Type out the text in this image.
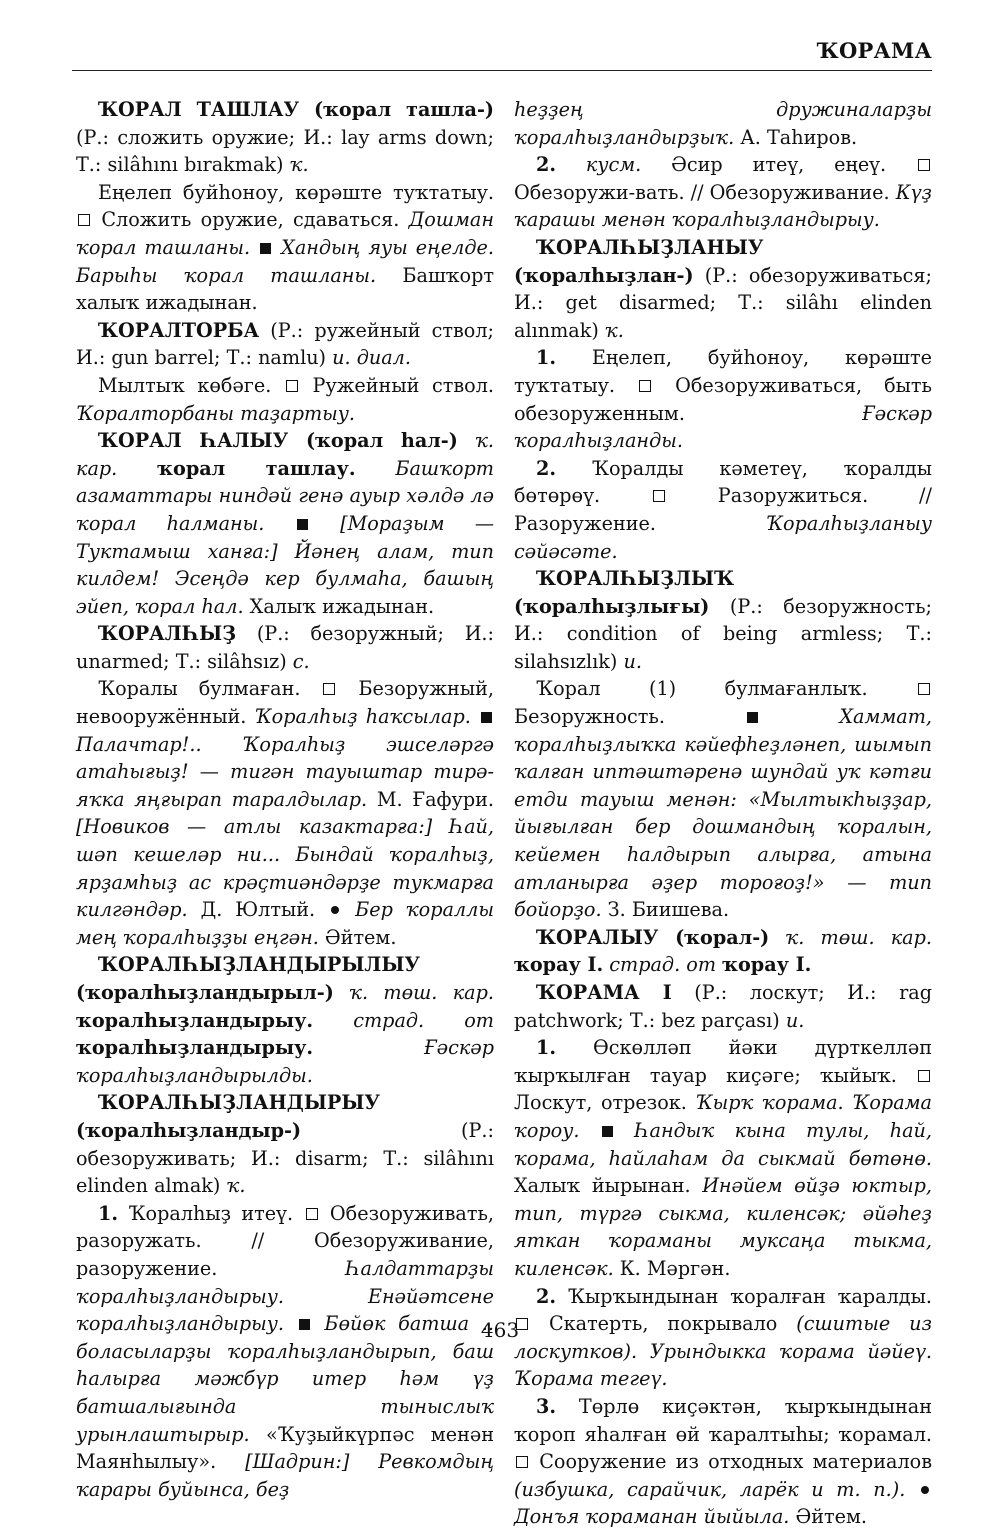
ҠОРАМА

ҠОРАЛ ТАШЛАУ (ҡорал ташла-) (Р.: сложить оружие; И.: lay arms down; Т.: silâhını bırakmak) ҡ.

Еңелеп буйһоноу, көрәште туҡтатыу.  Сложить оружие, сдаваться. Дошман ҡорал ташланы. Хандың яуы еңелде. Барыһы ҡорал ташланы. Башҡорт халыҡ ижадынан.

ҠОРАЛТОРБА (Р.: ружейный ствол; И.: gun barrel; Т.: namlu) и. диал.

Мылтыҡ көбәге.  Ружейный ствол. Ҡоралторбаны таҙартыу.

ҠОРАЛ ҺАЛЫУ (ҡорал һал-) ҡ. кар. ҡорал ташлау. Башҡорт азаматтары ниндәй генә ауыр хәлдә лә ҡорал һалманы.	[Мораҙым — Туктамыш ханға:] Йәнең алам, тип килдем! Эсеңдә кер булмаһа, башың эйеп, ҡорал һал. Халыҡ ижадынан.

ҠОРАЛҺЫҘ (Р.: безоружный; И.: unarmed; Т.: silâhsız) с.

Ҡоралы булмаған.  Безоружный, невооружённый. Ҡоралһыҙ һаҡсылар.  Палачтар!.. Ҡоралһыҙ эшселәргә атаһығыҙ! — тигән тауыштар тирә-яҡка яңғырап таралдылар. М. Ғафури. [Новиков — атлы казактарға:] Һай, шәп кешеләр ни... Бындай ҡоралһыҙ, ярҙамһыҙ ас крәҫтиәндәрҙе тукмарға килгәндәр. Д. Юлтый.  Бер ҡораллы мең ҡоралһыҙҙы еңгән. Әйтем.

ҠОРАЛҺЫҘЛАНДЫРЫЛЫУ (ҡоралһыҙландырыл-) ҡ. төш. кар. ҡоралһыҙландырыу. страд. от ҡоралһыҙландырыу.	Ғәскәр ҡоралһыҙландырылды.

ҠОРАЛҺЫҘЛАНДЫРЫУ (ҡоралһыҙландыр-) (Р.: обезоруживать; И.: disarm; Т.: silâhını elinden almak) ҡ.

1. Ҡоралһыҙ итеү.  Обезоруживать, разоружать. // Обезоруживание, разоружение. Һалдаттарҙы ҡоралһыҙландырыу. Енәйәтсене ҡоралһыҙландырыу. Бөйөк батша .. боласыларҙы ҡоралһыҙландырып, баш һалырға мәжбүр итер һәм үҙ батшалығында тыныслыҡ урынлаштырыр. «Ҡуҙыйкүрпәс менән Маянһылыу». [Шадрин:] Ревкомдың ҡарары буйынса, беҙ

һеҙҙең дружиналарҙы ҡоралһыҙландырҙыҡ. А. Таһиров.

2. кусм. Әсир итеү, еңеү.  Обезоружи-вать. // Обезоруживание. Күҙ ҡарашы менән ҡоралһыҙландырыу.

ҠОРАЛҺЫҘЛАНЫУ (ҡоралһыҙлан-) (Р.: обезоруживаться; И.: get disarmed; Т.: silâhı elinden alınmak) ҡ.

1. Еңелеп, буйһоноу, көрәште туҡтатыу.  Обезоруживаться, быть обезоруженным. Ғәскәр ҡоралһыҙланды.

2. Ҡоралды кәметеү, ҡоралды бөтөрөү.  Разоружиться. // Разоружение. Ҡоралһыҙланыу сәйәсәте.

ҠОРАЛҺЫҘЛЫҠ (ҡоралһыҙлығы) (Р.: безоружность; И.: condition of being armless; Т.: silahsızlık) и.

Ҡорал (1) булмағанлыҡ.  Безоружность.	Хаммат, ҡоралһыҙлыҡка кәйефһеҙләнеп, шымып ҡалған иптәштәренә шундай уҡ кәтғи етди тауыш менән: «Мылтыкһыҙҙар, йығылған бер дошмандың ҡоралын, кейемен һалдырып алырға, атына атланырға әҙер тороғоҙ!» — тип бойорҙо. З. Биишева.

ҠОРАЛЫУ (ҡорал-) ҡ. төш. кар. ҡорау I. страд. от ҡорау I.

ҠОРАМА I (Р.: лоскут; И.: rag patchwork; Т.: bez parçası) и.

1. Өскөлләп йәки дүрткелләп ҡырҡылған тауар киҫәге; ҡыйыҡ.  Лоскут, отрезок. Ҡырҡ ҡорама. Ҡорама ҡороу.	Һандыҡ кына тулы, һай, ҡорама, һайлаһам да сыкмай бөтөнө. Халыҡ йырынан. Инәйем өйҙә юктыр, тип, түргә сыкма, киленсәк; әйәһеҙ яткан ҡораманы муксаңа тыкма, киленсәк. К. Мәргән.

2. Ҡырҡындынан ҡоралған ҡаралды.  Скатерть, покрывало (сшитые из лоскутков). Урындыкка ҡорама йәйеү. Ҡорама тегеү.

3. Төрлө киҫәктән, ҡырҡындынан ҡороп яһалған өй ҡаралтыһы; ҡорамал.  Сооружение из отходных материалов (избушка, сарайчик, ларёк и т. п.).  Донъя ҡораманан йыйыла. Әйтем.

463
